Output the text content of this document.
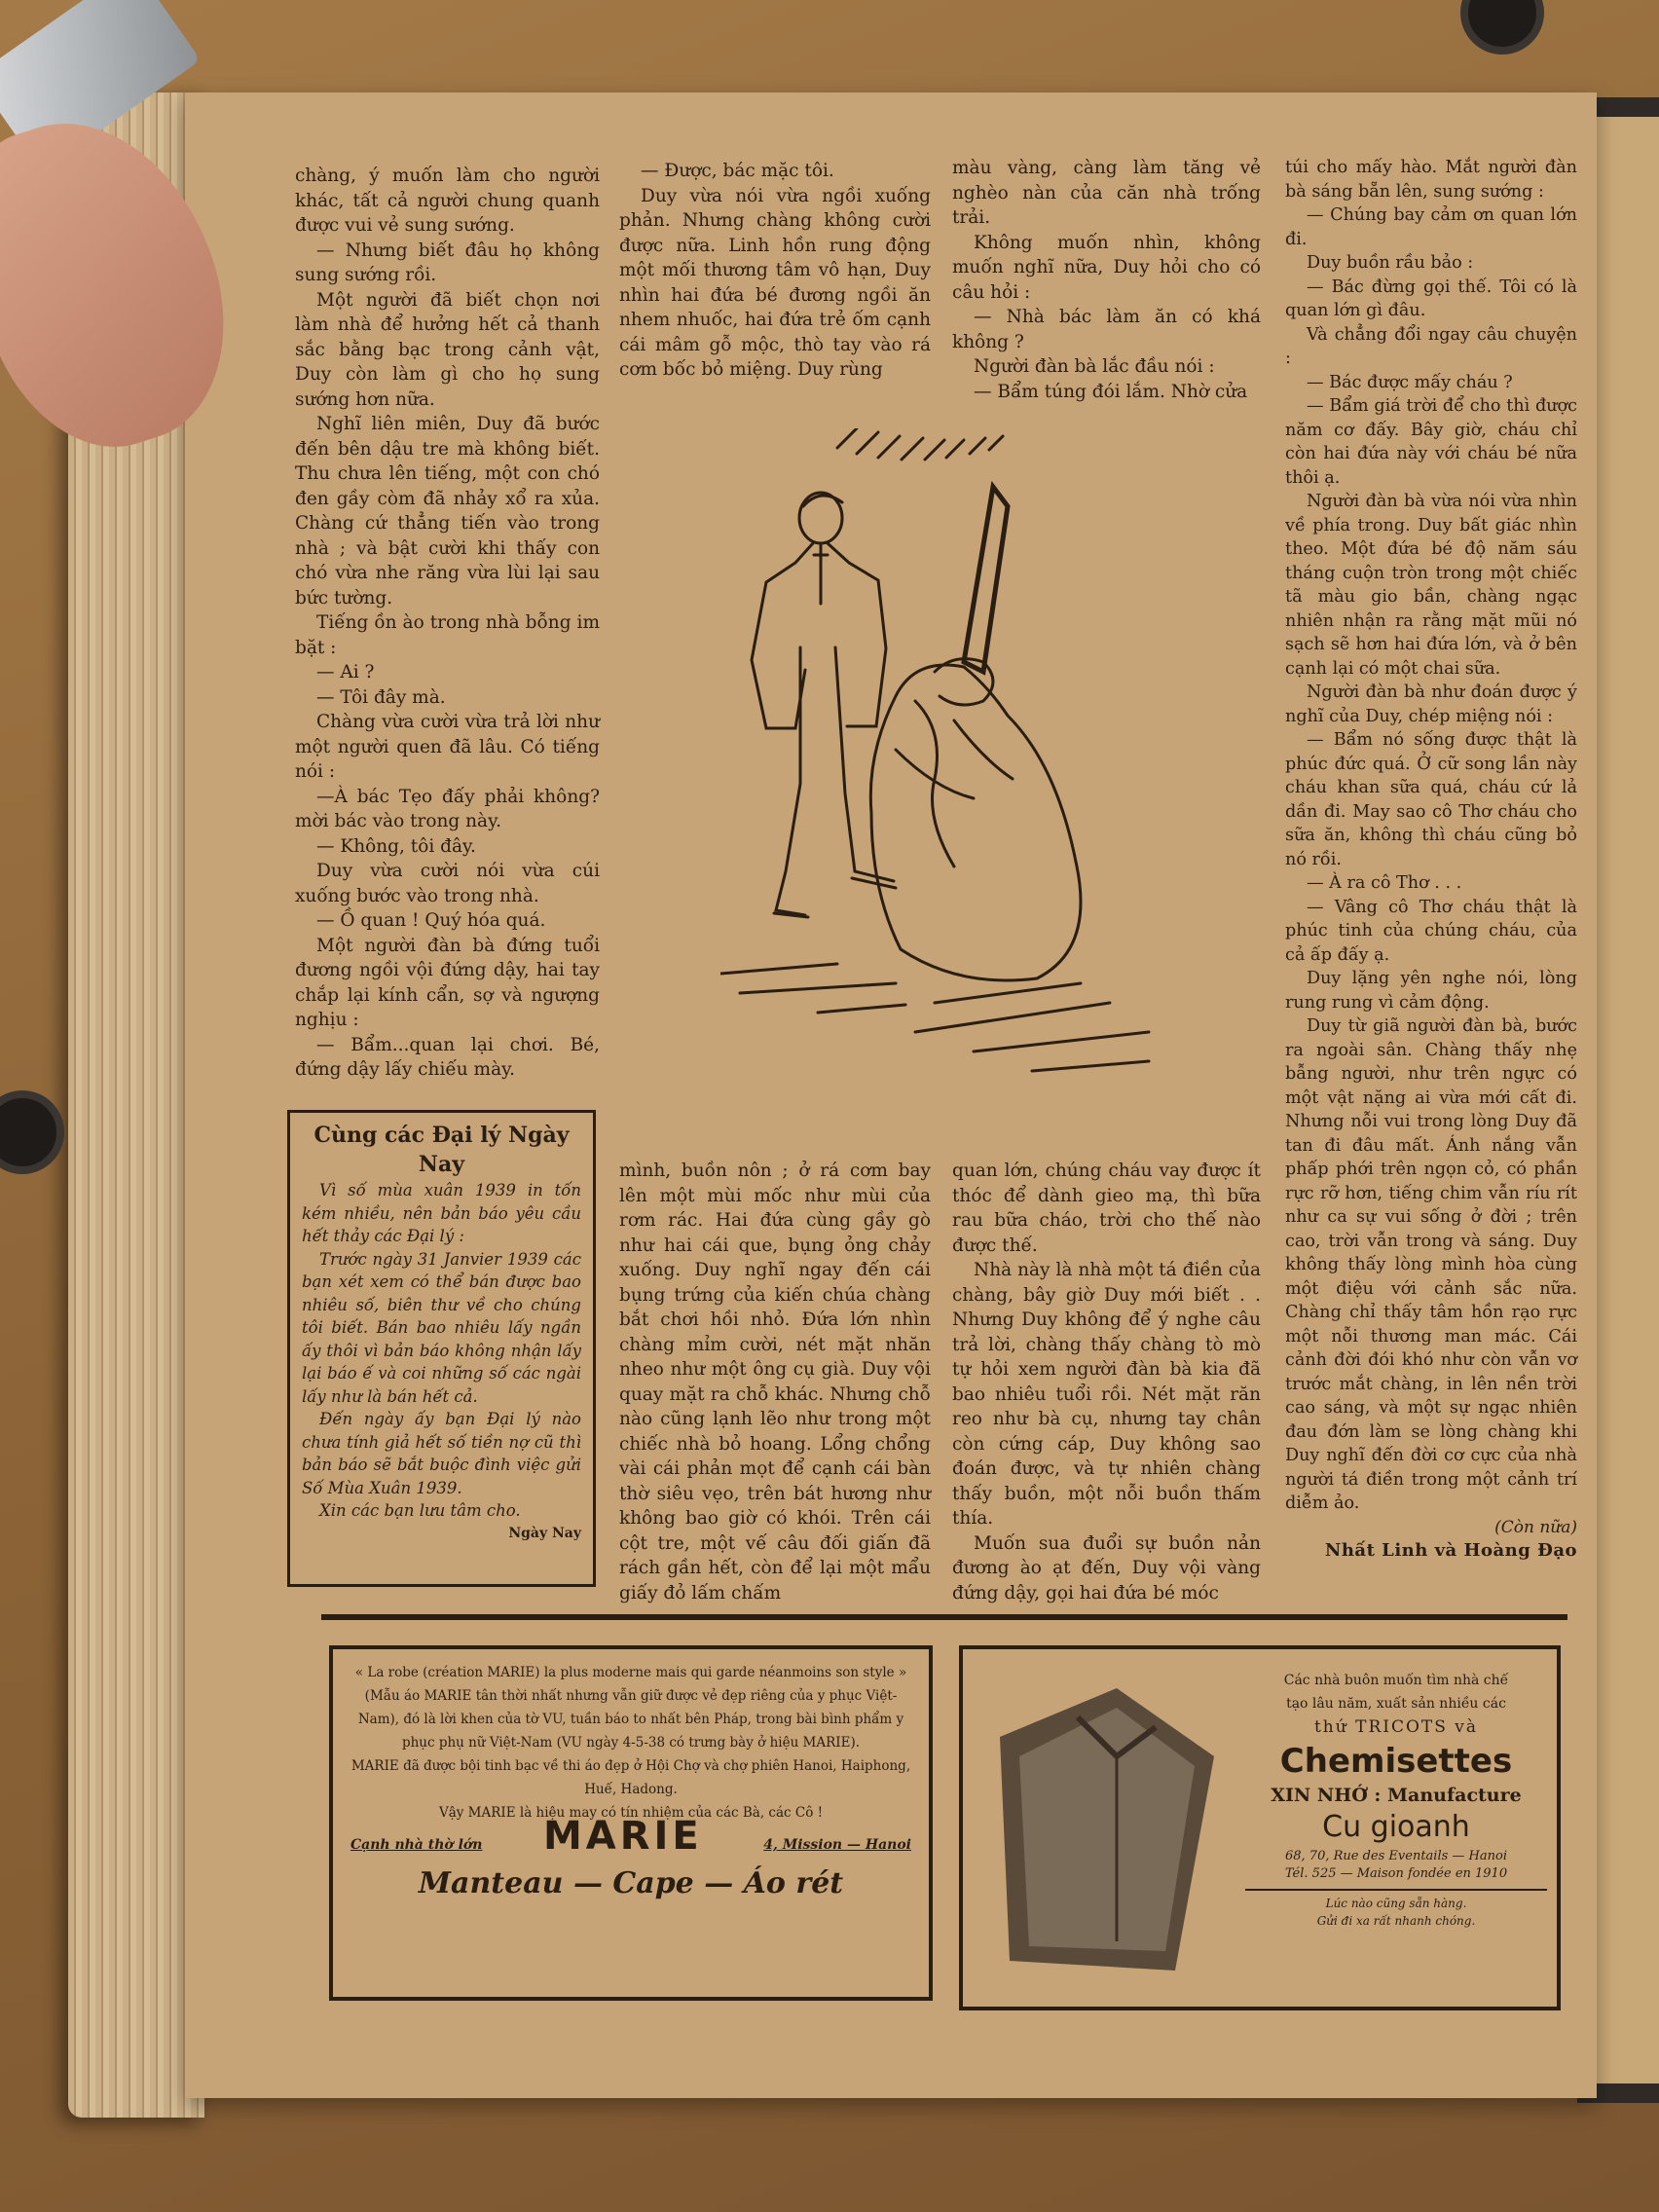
chàng, ý muốn làm cho người khác, tất cả người chung quanh được vui vẻ sung sướng.

— Nhưng biết đâu họ không sung sướng rồi.

Một người đã biết chọn nơi làm nhà để hưởng hết cả thanh sắc bằng bạc trong cảnh vật, Duy còn làm gì cho họ sung sướng hơn nữa.

Nghĩ liên miên, Duy đã bước đến bên dậu tre mà không biết. Thu chưa lên tiếng, một con chó đen gầy còm đã nhảy xổ ra xủa. Chàng cứ thẳng tiến vào trong nhà ; và bật cười khi thấy con chó vừa nhe răng vừa lùi lại sau bức tường.

Tiếng ồn ào trong nhà bỗng im bặt :

— Ai ?

— Tôi đây mà.

Chàng vừa cười vừa trả lời như một người quen đã lâu. Có tiếng nói :

—À bác Tẹo đấy phải không? mời bác vào trong này.

— Không, tôi đây.

Duy vừa cười nói vừa cúi xuống bước vào trong nhà.

— Ồ quan ! Quý hóa quá.

Một người đàn bà đứng tuổi đương ngồi vội đứng dậy, hai tay chắp lại kính cẩn, sợ và ngượng nghịu :

— Bẩm...quan lại chơi. Bé, đứng dậy lấy chiếu mày.

— Được, bác mặc tôi.

Duy vừa nói vừa ngồi xuống phản. Nhưng chàng không cười được nữa. Linh hồn rung động một mối thương tâm vô hạn, Duy nhìn hai đứa bé đương ngồi ăn nhem nhuốc, hai đứa trẻ ốm cạnh cái mâm gỗ mộc, thò tay vào rá cơm bốc bỏ miệng. Duy rùng

màu vàng, càng làm tăng vẻ nghèo nàn của căn nhà trống trải.

Không muốn nhìn, không muốn nghĩ nữa, Duy hỏi cho có câu hỏi :

— Nhà bác làm ăn có khá không ?

Người đàn bà lắc đầu nói :

— Bẩm túng đói lắm. Nhờ cửa

túi cho mấy hào. Mắt người đàn bà sáng bẵn lên, sung sướng :

— Chúng bay cảm ơn quan lớn đi.

Duy buồn rầu bảo :

— Bác đừng gọi thế. Tôi có là quan lớn gì đâu.

Và chẳng đổi ngay câu chuyện :

— Bác được mấy cháu ?

— Bẩm giá trời để cho thì được năm cơ đấy. Bây giờ, cháu chỉ còn hai đứa này với cháu bé nữa thôi ạ.

Người đàn bà vừa nói vừa nhìn về phía trong. Duy bất giác nhìn theo. Một đứa bé độ năm sáu tháng cuộn tròn trong một chiếc tã màu gio bần, chàng ngạc nhiên nhận ra rằng mặt mũi nó sạch sẽ hơn hai đứa lớn, và ở bên cạnh lại có một chai sữa.

Người đàn bà như đoán được ý nghĩ của Duy, chép miệng nói :

— Bẩm nó sống được thật là phúc đức quá. Ở cữ song lần này cháu khan sữa quá, cháu cứ lả dần đi. May sao cô Thơ cháu cho sữa ăn, không thì cháu cũng bỏ nó rồi.

— À ra cô Thơ . . .

— Vâng cô Thơ cháu thật là phúc tinh của chúng cháu, của cả ấp đấy ạ.

Duy lặng yên nghe nói, lòng rung rung vì cảm động.

Duy từ giã người đàn bà, bước ra ngoài sân. Chàng thấy nhẹ bẫng người, như trên ngực có một vật nặng ai vừa mới cất đi. Nhưng nỗi vui trong lòng Duy đã tan đi đâu mất. Ánh nắng vẫn phấp phới trên ngọn cỏ, có phần rực rỡ hơn, tiếng chim vẫn ríu rít như ca sự vui sống ở đời ; trên cao, trời vẫn trong và sáng. Duy không thấy lòng mình hòa cùng một điệu với cảnh sắc nữa. Chàng chỉ thấy tâm hồn rạo rực một nỗi thương man mác. Cái cảnh đời đói khó như còn vẫn vơ trước mắt chàng, in lên nền trời cao sáng, và một sự ngạc nhiên đau đớn làm se lòng chàng khi Duy nghĩ đến đời cơ cực của nhà người tá điền trong một cảnh trí diễm ảo.

(Còn nữa)
Nhất Linh và Hoàng Đạo

mình, buồn nôn ; ở rá cơm bay lên một mùi mốc như mùi của rơm rác. Hai đứa cùng gầy gò như hai cái que, bụng ỏng chảy xuống. Duy nghĩ ngay đến cái bụng trứng của kiến chúa chàng bắt chơi hồi nhỏ. Đứa lớn nhìn chàng mỉm cười, nét mặt nhăn nheo như một ông cụ già. Duy vội quay mặt ra chỗ khác. Nhưng chỗ nào cũng lạnh lẽo như trong một chiếc nhà bỏ hoang. Lổng chổng vài cái phản mọt để cạnh cái bàn thờ siêu vẹo, trên bát hương như không bao giờ có khói. Trên cái cột tre, một vế câu đối giấn đã rách gần hết, còn để lại một mẩu giấy đỏ lấm chấm

quan lớn, chúng cháu vay được ít thóc để dành gieo mạ, thì bữa rau bữa cháo, trời cho thế nào được thế.

Nhà này là nhà một tá điền của chàng, bây giờ Duy mới biết . . Nhưng Duy không để ý nghe câu trả lời, chàng thấy chàng tò mò tự hỏi xem người đàn bà kia đã bao nhiêu tuổi rồi. Nét mặt răn reo như bà cụ, nhưng tay chân còn cứng cáp, Duy không sao đoán được, và tự nhiên chàng thấy buồn, một nỗi buồn thấm thía.

Muốn sua đuổi sự buồn nản đương ào ạt đến, Duy vội vàng đứng dậy, gọi hai đứa bé móc

Cùng các Đại lý Ngày Nay

Vì số mùa xuân 1939 in tốn kém nhiều, nên bản báo yêu cầu hết thảy các Đại lý :

Trước ngày 31 Janvier 1939 các bạn xét xem có thể bán được bao nhiêu số, biên thư về cho chúng tôi biết. Bán bao nhiêu lấy ngần ấy thôi vì bản báo không nhận lấy lại báo ế và coi những số các ngài lấy như là bán hết cả.

Đến ngày ấy bạn Đại lý nào chưa tính giả hết số tiền nợ cũ thì bản báo sẽ bắt buộc đình việc gửi Số Mùa Xuân 1939.

Xin các bạn lưu tâm cho.

Ngày Nay
« La robe (création MARIE) la plus moderne mais qui garde néanmoins son style » (Mẫu áo MARIE tân thời nhất nhưng vẫn giữ được vẻ đẹp riêng của y phục Việt-Nam), đó là lời khen của tờ VU, tuần báo to nhất bên Pháp, trong bài bình phẩm y phục phụ nữ Việt-Nam (VU ngày 4-5-38 có trưng bày ở hiệu MARIE).
MARIE đã được bội tinh bạc về thi áo đẹp ở Hội Chợ và chợ phiên Hanoi, Haiphong, Huế, Hadong.
Vậy MARIE là hiệu may có tín nhiệm của các Bà, các Cô !
Cạnh nhà thờ lớn MARIE	4, Mission — Hanoi
Manteau — Cape — Áo rét
Các nhà buôn muốn tìm nhà chế
tạo lâu năm, xuất sản nhiều các
thứ TRICOTS và
Chemisettes
XIN NHỚ : Manufacture
Cu gioanh
68, 70, Rue des Eventails — Hanoi
Tél. 525 — Maison fondée en 1910
Lúc nào cũng sẵn hàng.
Gửi đi xa rất nhanh chóng.
